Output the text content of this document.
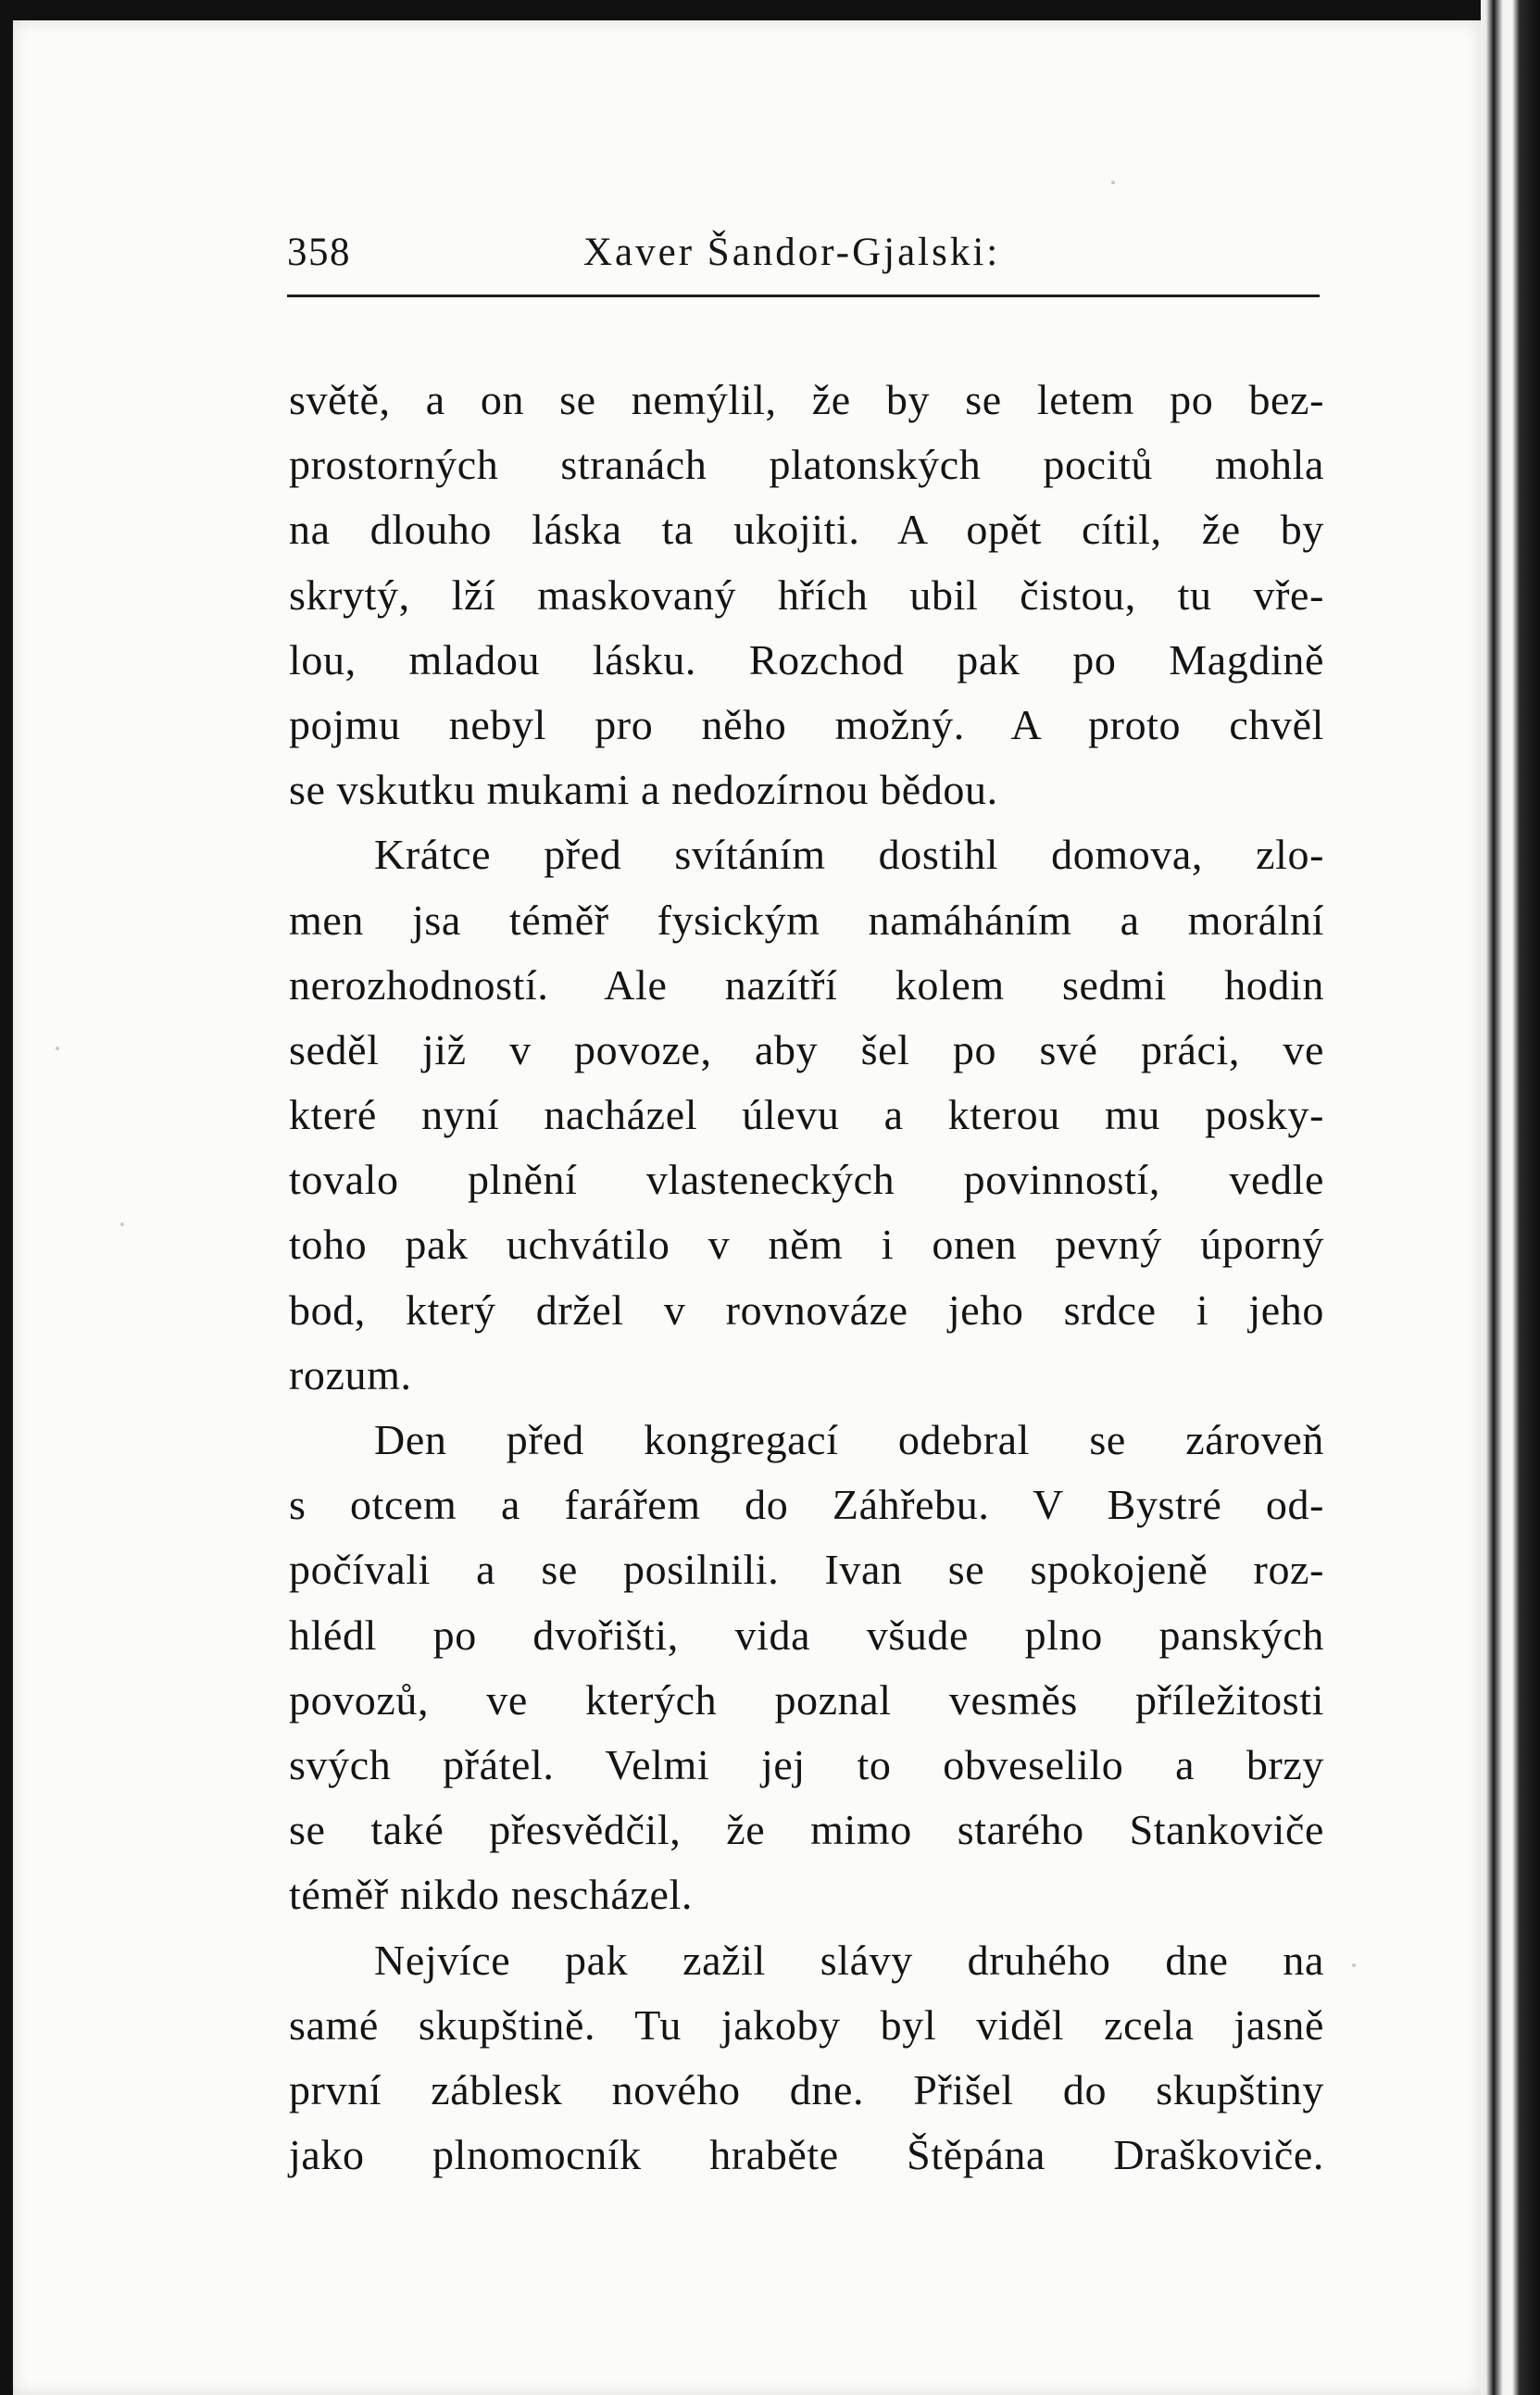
358	Xaver Šandor-Gjalski:
světě, a on se nemýlil, že by se letem po bez-
prostorných stranách platonských pocitů mohla
na dlouho láska ta ukojiti. A opět cítil, že by
skrytý, lží maskovaný hřích ubil čistou, tu vře-
lou, mladou lásku. Rozchod pak po Magdině
pojmu nebyl pro něho možný. A proto chvěl
se vskutku mukami a nedozírnou bědou.
Krátce před svítáním dostihl domova, zlo-
men jsa téměř fysickým namáháním a morální
nerozhodností. Ale nazítří kolem sedmi hodin
seděl již v povoze, aby šel po své práci, ve
které nyní nacházel úlevu a kterou mu posky-
tovalo plnění vlasteneckých povinností, vedle
toho pak uchvátilo v něm i onen pevný úporný
bod, který držel v rovnováze jeho srdce i jeho
rozum.
Den před kongregací odebral se zároveň
s otcem a farářem do Záhřebu. V Bystré od-
počívali a se posilnili. Ivan se spokojeně roz-
hlédl po dvořišti, vida všude plno panských
povozů, ve kterých poznal vesměs příležitosti
svých přátel. Velmi jej to obveselilo a brzy
se také přesvědčil, že mimo starého Stankoviče
téměř nikdo nescházel.
Nejvíce pak zažil slávy druhého dne na
samé skupštině. Tu jakoby byl viděl zcela jasně
první záblesk nového dne. Přišel do skupštiny
jako plnomocník hraběte Štěpána Draškoviče.
